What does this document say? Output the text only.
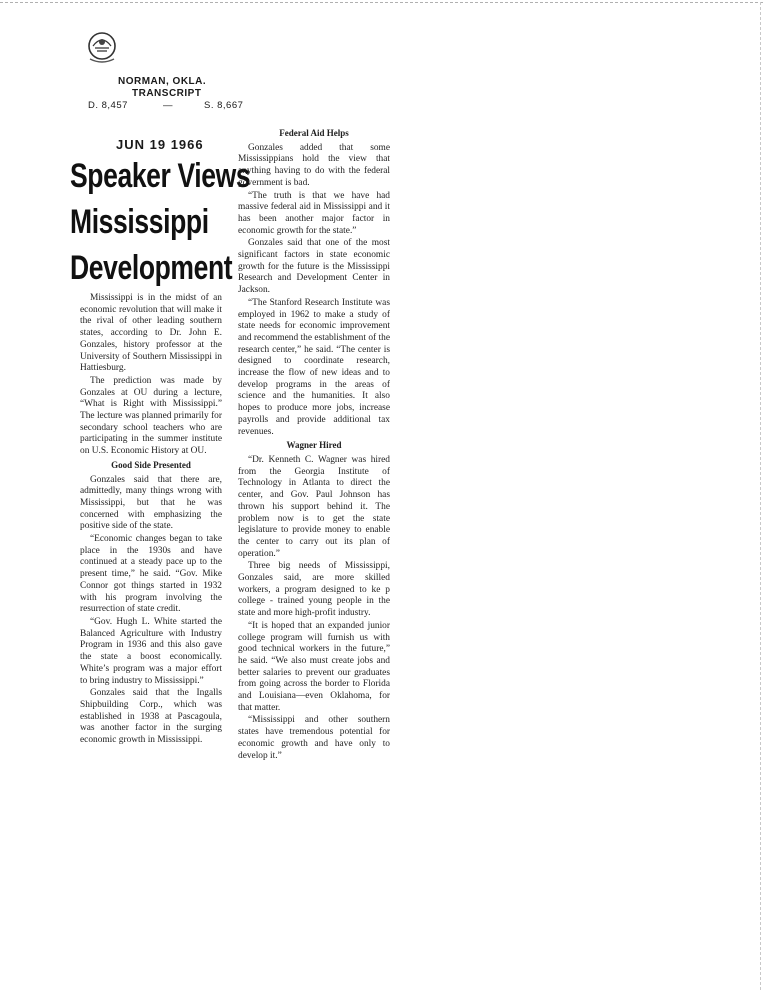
NORMAN, OKLA.
TRANSCRIPT
D. 8,457	—	S. 8,667
JUN 19 1966
Speaker Views
Mississippi
Development

Mississippi is in the midst of an economic revolution that will make it the rival of other leading southern states, according to Dr. John E. Gonzales, history professor at the University of Southern Mississippi in Hattiesburg.

The prediction was made by Gonzales at OU during a lecture, “What is Right with Mississippi.” The lecture was planned primarily for secondary school teachers who are participating in the summer institute on U.S. Economic History at OU.

Good Side Presented

Gonzales said that there are, admittedly, many things wrong with Mississippi, but that he was concerned with emphasizing the positive side of the state.

“Economic changes began to take place in the 1930s and have continued at a steady pace up to the present time,” he said. “Gov. Mike Connor got things started in 1932 with his program involving the resurrection of state credit.

“Gov. Hugh L. White started the Balanced Agriculture with Industry Program in 1936 and this also gave the state a boost economically. White’s program was a major effort to bring industry to Mississippi.”

Gonzales said that the Ingalls Shipbuilding Corp., which was established in 1938 at Pascagoula, was another factor in the surging economic growth in Mississippi.

Federal Aid Helps

Gonzales added that some Mississippians hold the view that anything having to do with the federal government is bad.

“The truth is that we have had massive federal aid in Mississippi and it has been another major factor in economic growth for the state.”

Gonzales said that one of the most significant factors in state economic growth for the future is the Mississippi Research and Development Center in Jackson.

“The Stanford Research Institute was employed in 1962 to make a study of state needs for economic improvement and recommend the establishment of the research center,” he said. “The center is designed to coordinate research, increase the flow of new ideas and to develop programs in the areas of science and the humanities. It also hopes to produce more jobs, increase payrolls and provide additional tax revenues.

Wagner Hired

“Dr. Kenneth C. Wagner was hired from the Georgia Institute of Technology in Atlanta to direct the center, and Gov. Paul Johnson has thrown his support behind it. The problem now is to get the state legislature to provide money to enable the center to carry out its plan of operation.”

Three big needs of Mississippi, Gonzales said, are more skilled workers, a program designed to ke p college - trained young people in the state and more high-profit industry.

“It is hoped that an expanded junior college program will furnish us with good technical workers in the future,” he said. “We also must create jobs and better salaries to prevent our graduates from going across the border to Florida and Louisiana—even Oklahoma, for that matter.

“Mississippi and other southern states have tremendous potential for economic growth and have only to develop it.”
